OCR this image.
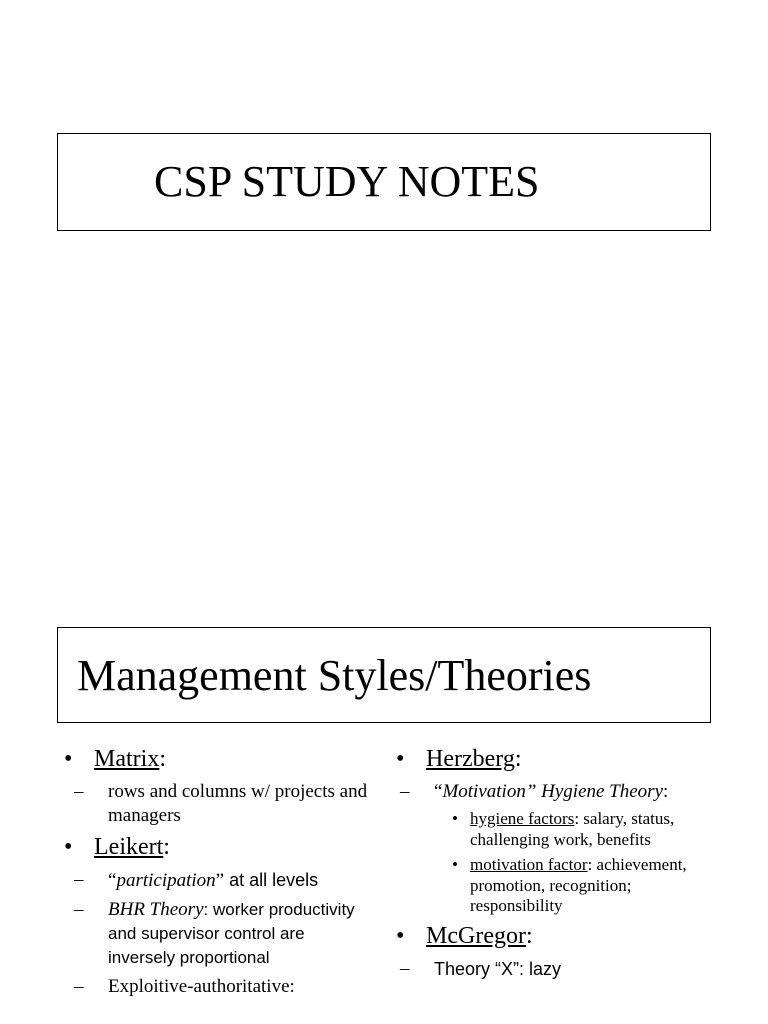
CSP STUDY NOTES
Management Styles/Theories
• Matrix:
– rows and columns w/ projects and managers
• Leikert:
– “participation” at all levels
– BHR Theory: worker productivity and supervisor control are inversely proportional
– Exploitive-authoritative:
• Herzberg:
– “Motivation” Hygiene Theory:
• hygiene factors: salary, status, challenging work, benefits
• motivation factor: achievement, promotion, recognition; responsibility
• McGregor:
– Theory “X”: lazy
